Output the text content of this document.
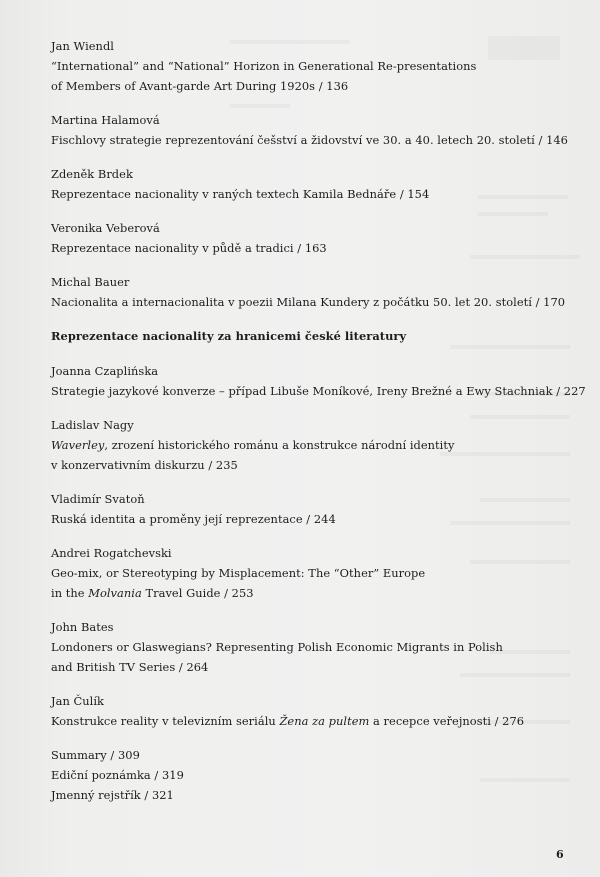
Jan Wiendl
“International” and “National” Horizon in Generational Re-presentations
of Members of Avant-garde Art During 1920s / 136
Martina Halamová
Fischlovy strategie reprezentování češství a židovství ve 30. a 40. letech 20. století / 146
Zdeněk Brdek
Reprezentace nacionality v raných textech Kamila Bednáře / 154
Veronika Veberová
Reprezentace nacionality v půdě a tradici / 163
Michal Bauer
Nacionalita a internacionalita v poezii Milana Kundery z počátku 50. let 20. století / 170
Reprezentace nacionality za hranicemi české literatury
Joanna Czaplińska
Strategie jazykové konverze – případ Libuše Moníkové, Ireny Brežné a Ewy Stachniak / 227
Ladislav Nagy
Waverley, zrození historického románu a konstrukce národní identity
v konzervativním diskurzu / 235
Vladimír Svatoň
Ruská identita a proměny její reprezentace / 244
Andrei Rogatchevski
Geo-mix, or Stereotyping by Misplacement: The “Other” Europe
in the Molvania Travel Guide / 253
John Bates
Londoners or Glaswegians? Representing Polish Economic Migrants in Polish
and British TV Series / 264
Jan Čulík
Konstrukce reality v televizním seriálu Žena za pultem a recepce veřejnosti / 276
Summary / 309
Ediční poznámka / 319
Jmenný rejstřík / 321
6
